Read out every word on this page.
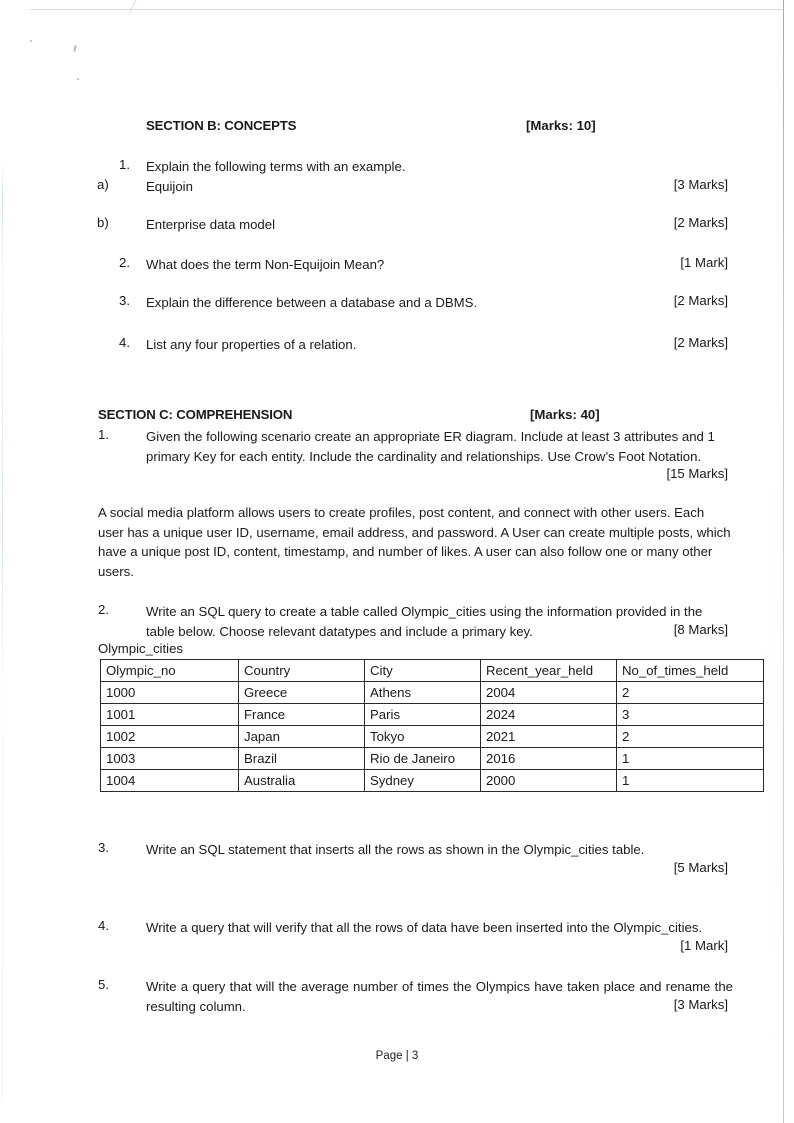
SECTION B: CONCEPTS	[Marks: 10]
1. Explain the following terms with an example.
a)	Equijoin	[3 Marks]
b)	Enterprise data model	[2 Marks]
2. What does the term Non-Equijoin Mean?	[1 Mark]
3. Explain the difference between a database and a DBMS.	[2 Marks]
4. List any four properties of a relation.	[2 Marks]
SECTION C: COMPREHENSION	[Marks: 40]
1.	Given the following scenario create an appropriate ER diagram. Include at least 3 attributes and 1 primary Key for each entity. Include the cardinality and relationships. Use Crow’s Foot Notation.
[15 Marks]
A social media platform allows users to create profiles, post content, and connect with other users. Each user has a unique user ID, username, email address, and password. A User can create multiple posts, which have a unique post ID, content, timestamp, and number of likes. A user can also follow one or many other users.
2.	Write an SQL query to create a table called Olympic_cities using the information provided in the table below. Choose relevant datatypes and include a primary key.	[8 Marks]
Olympic_cities
Olympic_no	Country	City	Recent_year_held	No_of_times_held
1000	Greece	Athens	2004	2
1001	France	Paris	2024	3
1002	Japan	Tokyo	2021	2
1003	Brazil	Rio de Janeiro	2016	1
1004	Australia	Sydney	2000	1
3.	Write an SQL statement that inserts all the rows as shown in the Olympic_cities table.
[5 Marks]
4.	Write a query that will verify that all the rows of data have been inserted into the Olympic_cities.
[1 Mark]
5.	Write a query that will the average number of times the Olympics have taken place and rename the resulting column.	[3 Marks]
Page | 3
